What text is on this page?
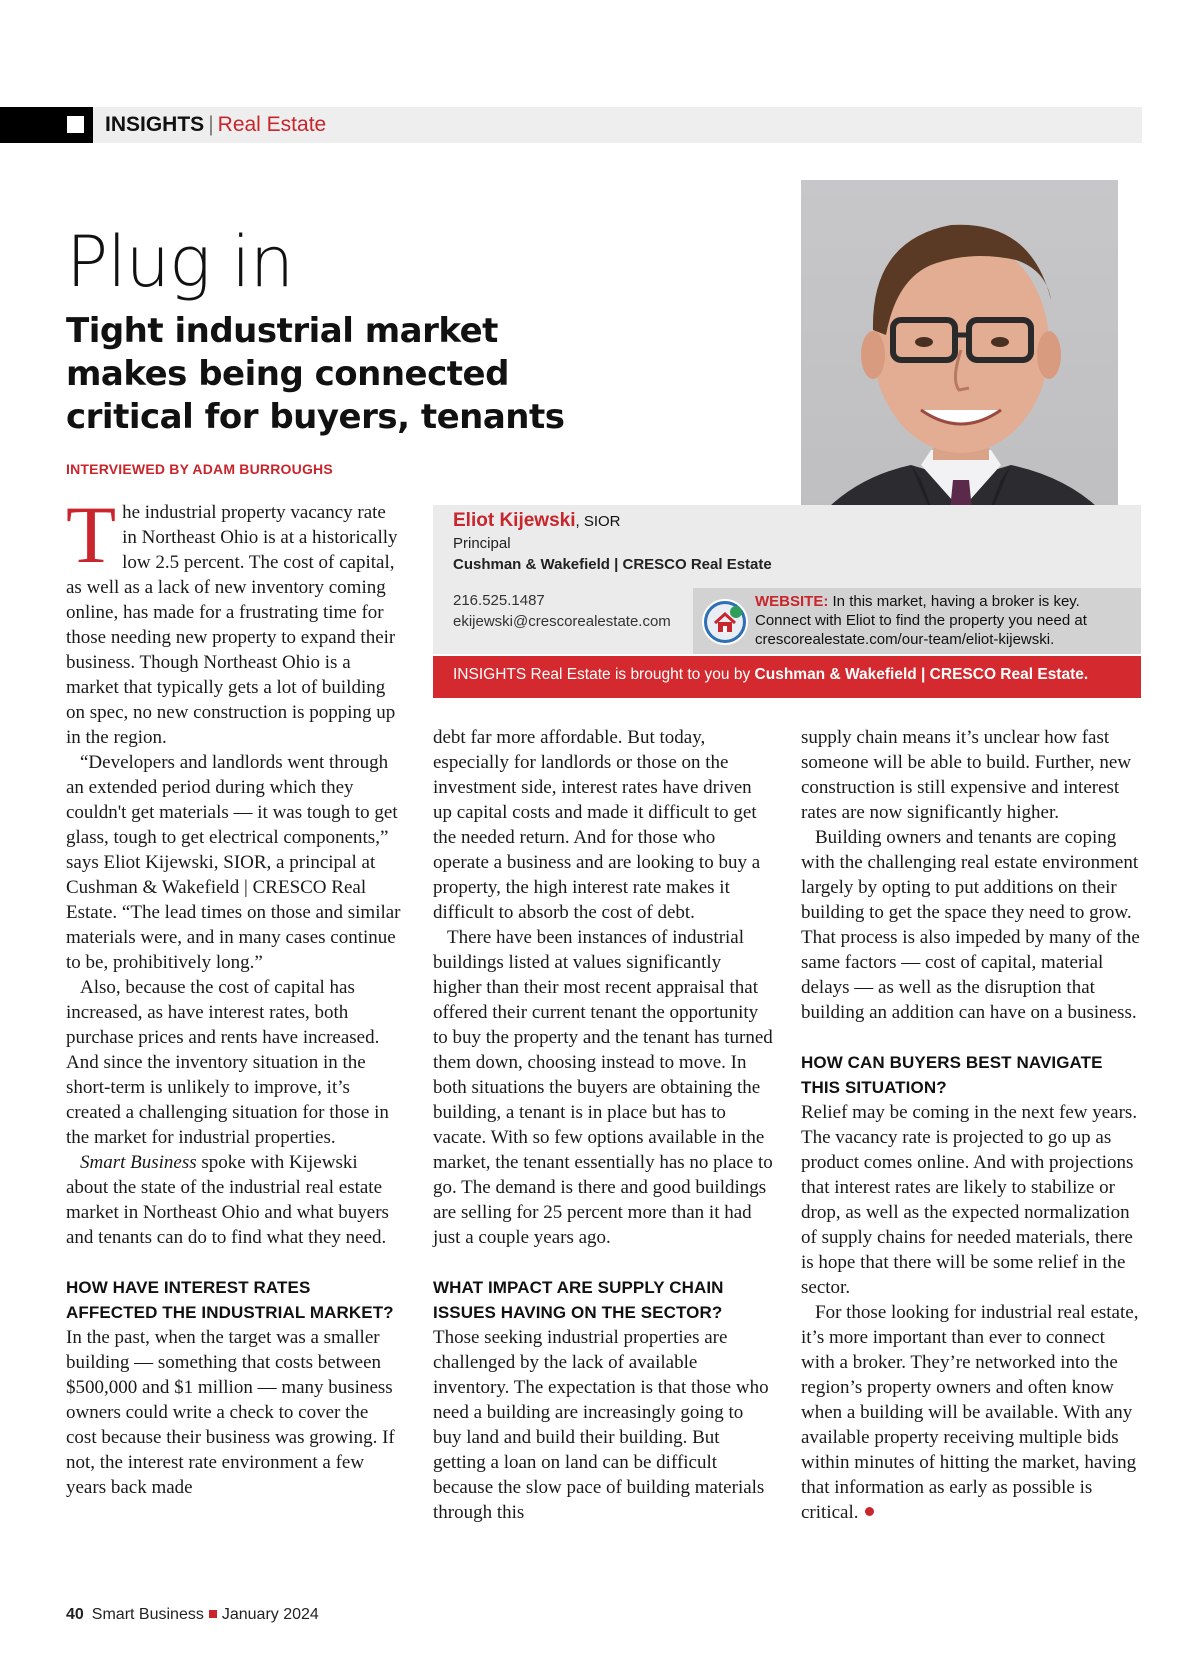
INSIGHTS | Real Estate
Plug in
Tight industrial market makes being connected critical for buyers, tenants
INTERVIEWED BY ADAM BURROUGHS
Eliot Kijewski, SIOR
Principal
Cushman & Wakefield | CRESCO Real Estate
216.525.1487
ekijewski@crescorealestate.com
WEBSITE: In this market, having a broker is key. Connect with Eliot to find the property you need at crescorealestate.com/our-team/eliot-kijewski.
INSIGHTS Real Estate is brought to you by Cushman & Wakefield | CRESCO Real Estate.

The industrial property vacancy rate in Northeast Ohio is at a historically low 2.5 percent. The cost of capital, as well as a lack of new inventory coming online, has made for a frustrating time for those needing new property to expand their business. Though Northeast Ohio is a market that typically gets a lot of building on spec, no new construction is popping up in the region.

“Developers and landlords went through an extended period during which they couldn't get materials — it was tough to get glass, tough to get electrical components,” says Eliot Kijewski, SIOR, a principal at Cushman & Wakefield | CRESCO Real Estate. “The lead times on those and similar materials were, and in many cases continue to be, prohibitively long.”

Also, because the cost of capital has increased, as have interest rates, both purchase prices and rents have increased. And since the inventory situation in the short-term is unlikely to improve, it’s created a challenging situation for those in the market for industrial properties.

Smart Business spoke with Kijewski about the state of the industrial real estate market in Northeast Ohio and what buyers and tenants can do to find what they need.

HOW HAVE INTEREST RATES AFFECTED THE INDUSTRIAL MARKET?

In the past, when the target was a smaller building — something that costs between $500,000 and $1 million — many business owners could write a check to cover the cost because their business was growing. If not, the interest rate environment a few years back made

debt far more affordable. But today, especially for landlords or those on the investment side, interest rates have driven up capital costs and made it difficult to get the needed return. And for those who operate a business and are looking to buy a property, the high interest rate makes it difficult to absorb the cost of debt.

There have been instances of industrial buildings listed at values significantly higher than their most recent appraisal that offered their current tenant the opportunity to buy the property and the tenant has turned them down, choosing instead to move. In both situations the buyers are obtaining the building, a tenant is in place but has to vacate. With so few options available in the market, the tenant essentially has no place to go. The demand is there and good buildings are selling for 25 percent more than it had just a couple years ago.

WHAT IMPACT ARE SUPPLY CHAIN ISSUES HAVING ON THE SECTOR?

Those seeking industrial properties are challenged by the lack of available inventory. The expectation is that those who need a building are increasingly going to buy land and build their building. But getting a loan on land can be difficult because the slow pace of building materials through this

supply chain means it’s unclear how fast someone will be able to build. Further, new construction is still expensive and interest rates are now significantly higher.

Building owners and tenants are coping with the challenging real estate environment largely by opting to put additions on their building to get the space they need to grow. That process is also impeded by many of the same factors — cost of capital, material delays — as well as the disruption that building an addition can have on a business.

HOW CAN BUYERS BEST NAVIGATE THIS SITUATION?

Relief may be coming in the next few years. The vacancy rate is projected to go up as product comes online. And with projections that interest rates are likely to stabilize or drop, as well as the expected normalization of supply chains for needed materials, there is hope that there will be some relief in the sector.

For those looking for industrial real estate, it’s more important than ever to connect with a broker. They’re networked into the region’s property owners and often know when a building will be available. With any available property receiving multiple bids within minutes of hitting the market, having that information as early as possible is critical.

40 Smart Business January 2024
